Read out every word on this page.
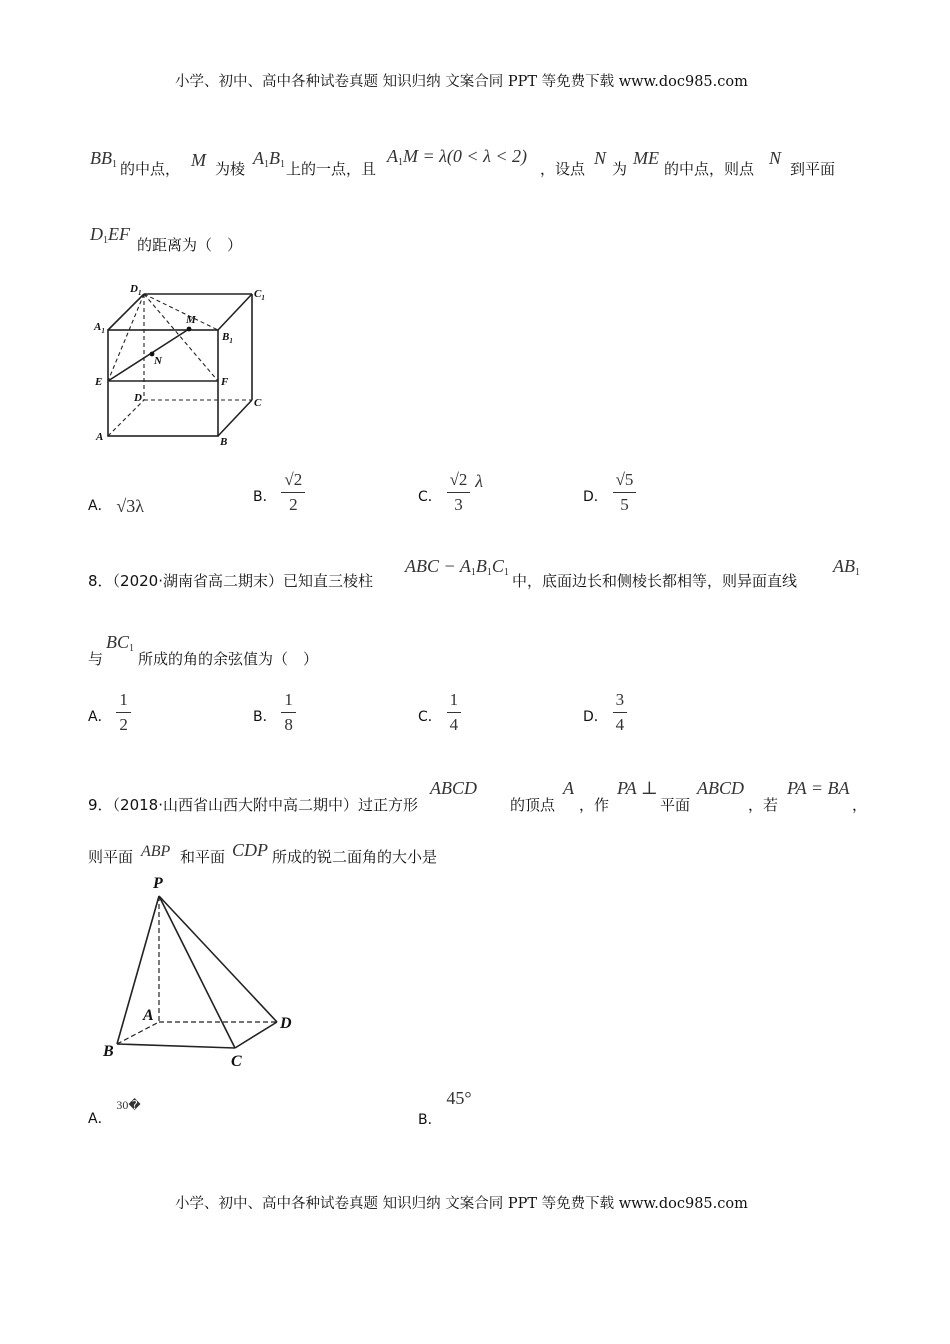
小学、初中、高中各种试卷真题 知识归纳 文案合同 PPT 等免费下载 www.doc985.com
$BB_1$ 的中点， M 为棱
$A_1B_1$ 上的一点，且
$A_1M = \lambda(0 < \lambda < 2)$
，设点
N
为
ME
的中点，则点
N
到平面
$D_1EF$
的距离为（　）
$D_1$	$C_1$
$A_1$	$B_1$
M
N
E	F
D	C
A	B
A． √3λ	B． $\frac{√2}{2}$	C． $\frac{√2}{3}$ λ
D． $\frac{√5}{5}$
8．（2020·湖南省高二期末）已知直三棱柱
ABC − $A_1B_1C_1$ 中，底面边长和侧棱长都相等，则异面直线
$AB_1$
与
$BC_1$
所成的角的余弦值为（　）
A． $\frac{1}{2}$	B． $\frac{1}{8}$	C． $\frac{1}{4}$	D． $\frac{3}{4}$
9．（2018·山西省山西大附中高二期中）过正方形
ABCD
的顶点
A
，作
PA ⊥
平面
ABCD
，若
PA = BA
，
则平面 ABP 和平面 CDP 所成的锐二面角的大小是
P
A
B
C
D
A． 30�
B． 45°
小学、初中、高中各种试卷真题 知识归纳 文案合同 PPT 等免费下载 www.doc985.com
